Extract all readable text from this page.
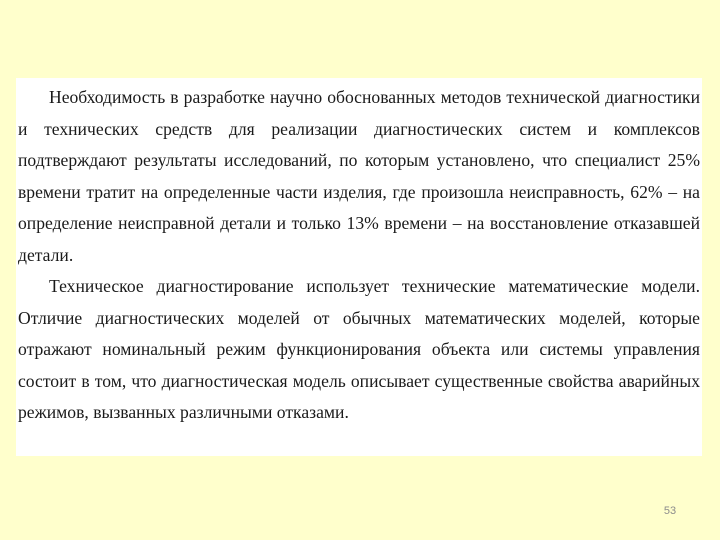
Необходимость в разработке научно обоснованных методов технической диагностики и технических средств для реализации диагностических систем и комплексов подтверждают результаты исследований, по которым установлено, что специалист 25% времени тратит на определенные части изделия, где произошла неисправность, 62% – на определение неисправной детали и только 13% времени – на восстановление отказавшей детали.

Техническое диагностирование использует технические математические модели. Отличие диагностических моделей от обычных математических моделей, которые отражают номинальный режим функционирования объекта или системы управления состоит в том, что диагностическая модель описывает существенные свойства аварийных режимов, вызванных различными отказами.

53
